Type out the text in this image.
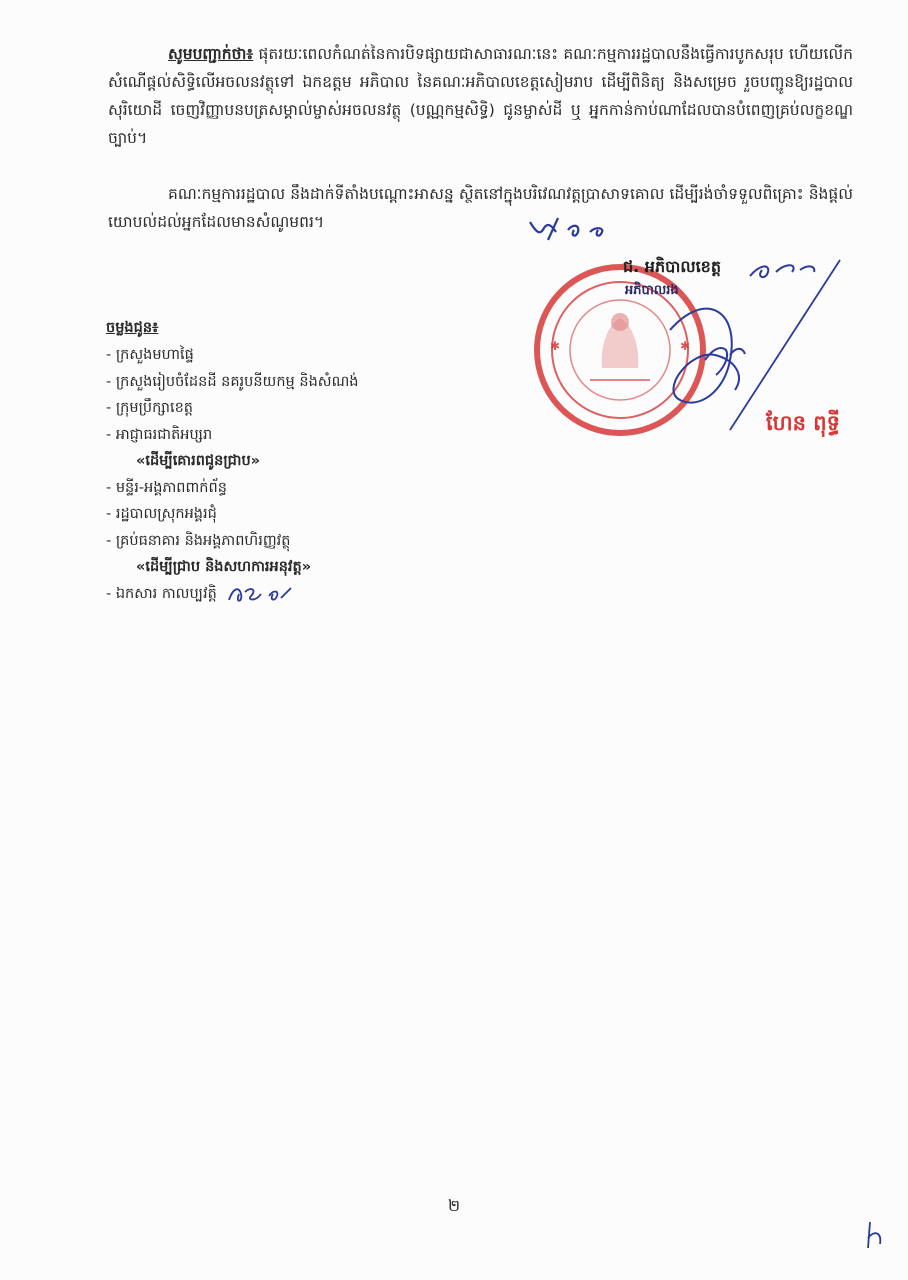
សូមបញ្ជាក់ថា៖ ផុតរយៈពេលកំណត់នៃការបិទផ្សាយជាសាធារណៈនេះ គណៈកម្មការរដ្ឋបាលនឹងធ្វើការបូកសរុប ហើយលើកសំណើផ្តល់សិទ្ធិលើអចលនវត្ថុទៅ ឯកឧត្តម អភិបាល នៃគណៈអភិបាលខេត្តសៀមរាប ដើម្បីពិនិត្យ និងសម្រេច រួចបញ្ជូនឱ្យរដ្ឋបាលសុរិយោដី ចេញវិញ្ញាបនបត្រសម្គាល់ម្ចាស់អចលនវត្ថុ (បណ្ណកម្មសិទ្ធិ) ជូនម្ចាស់ដី ឬ អ្នកកាន់កាប់ណាដែលបានបំពេញគ្រប់លក្ខខណ្ឌច្បាប់។
គណៈកម្មការរដ្ឋបាល នឹងដាក់ទីតាំងបណ្តោះអាសន្ន ស្ថិតនៅក្នុងបរិវេណវត្តប្រាសាទគោល ដើម្បីរង់ចាំទទួលពិគ្រោះ និងផ្តល់យោបល់ដល់អ្នកដែលមានសំណូមពរ។
✱	✱
ជ. អភិបាលខេត្ត
អភិបាលរង
ហែន ពុទ្ធី
ចម្លងជូន៖
- ក្រសួងមហាផ្ទៃ
- ក្រសួងរៀបចំដែនដី នគរូបនីយកម្ម និងសំណង់
- ក្រុមប្រឹក្សាខេត្ត
- អាជ្ញាធរជាតិអប្សរា
«ដើម្បីគោរពជូនជ្រាប»
- មន្ទីរ-អង្គភាពពាក់ព័ន្ធ
- រដ្ឋបាលស្រុកអង្គរជុំ
- គ្រប់ធនាគារ និងអង្គភាពហិរញ្ញវត្ថុ
«ដើម្បីជ្រាប និងសហការអនុវត្ត»
- ឯកសារ កាលប្បវត្តិ
២
